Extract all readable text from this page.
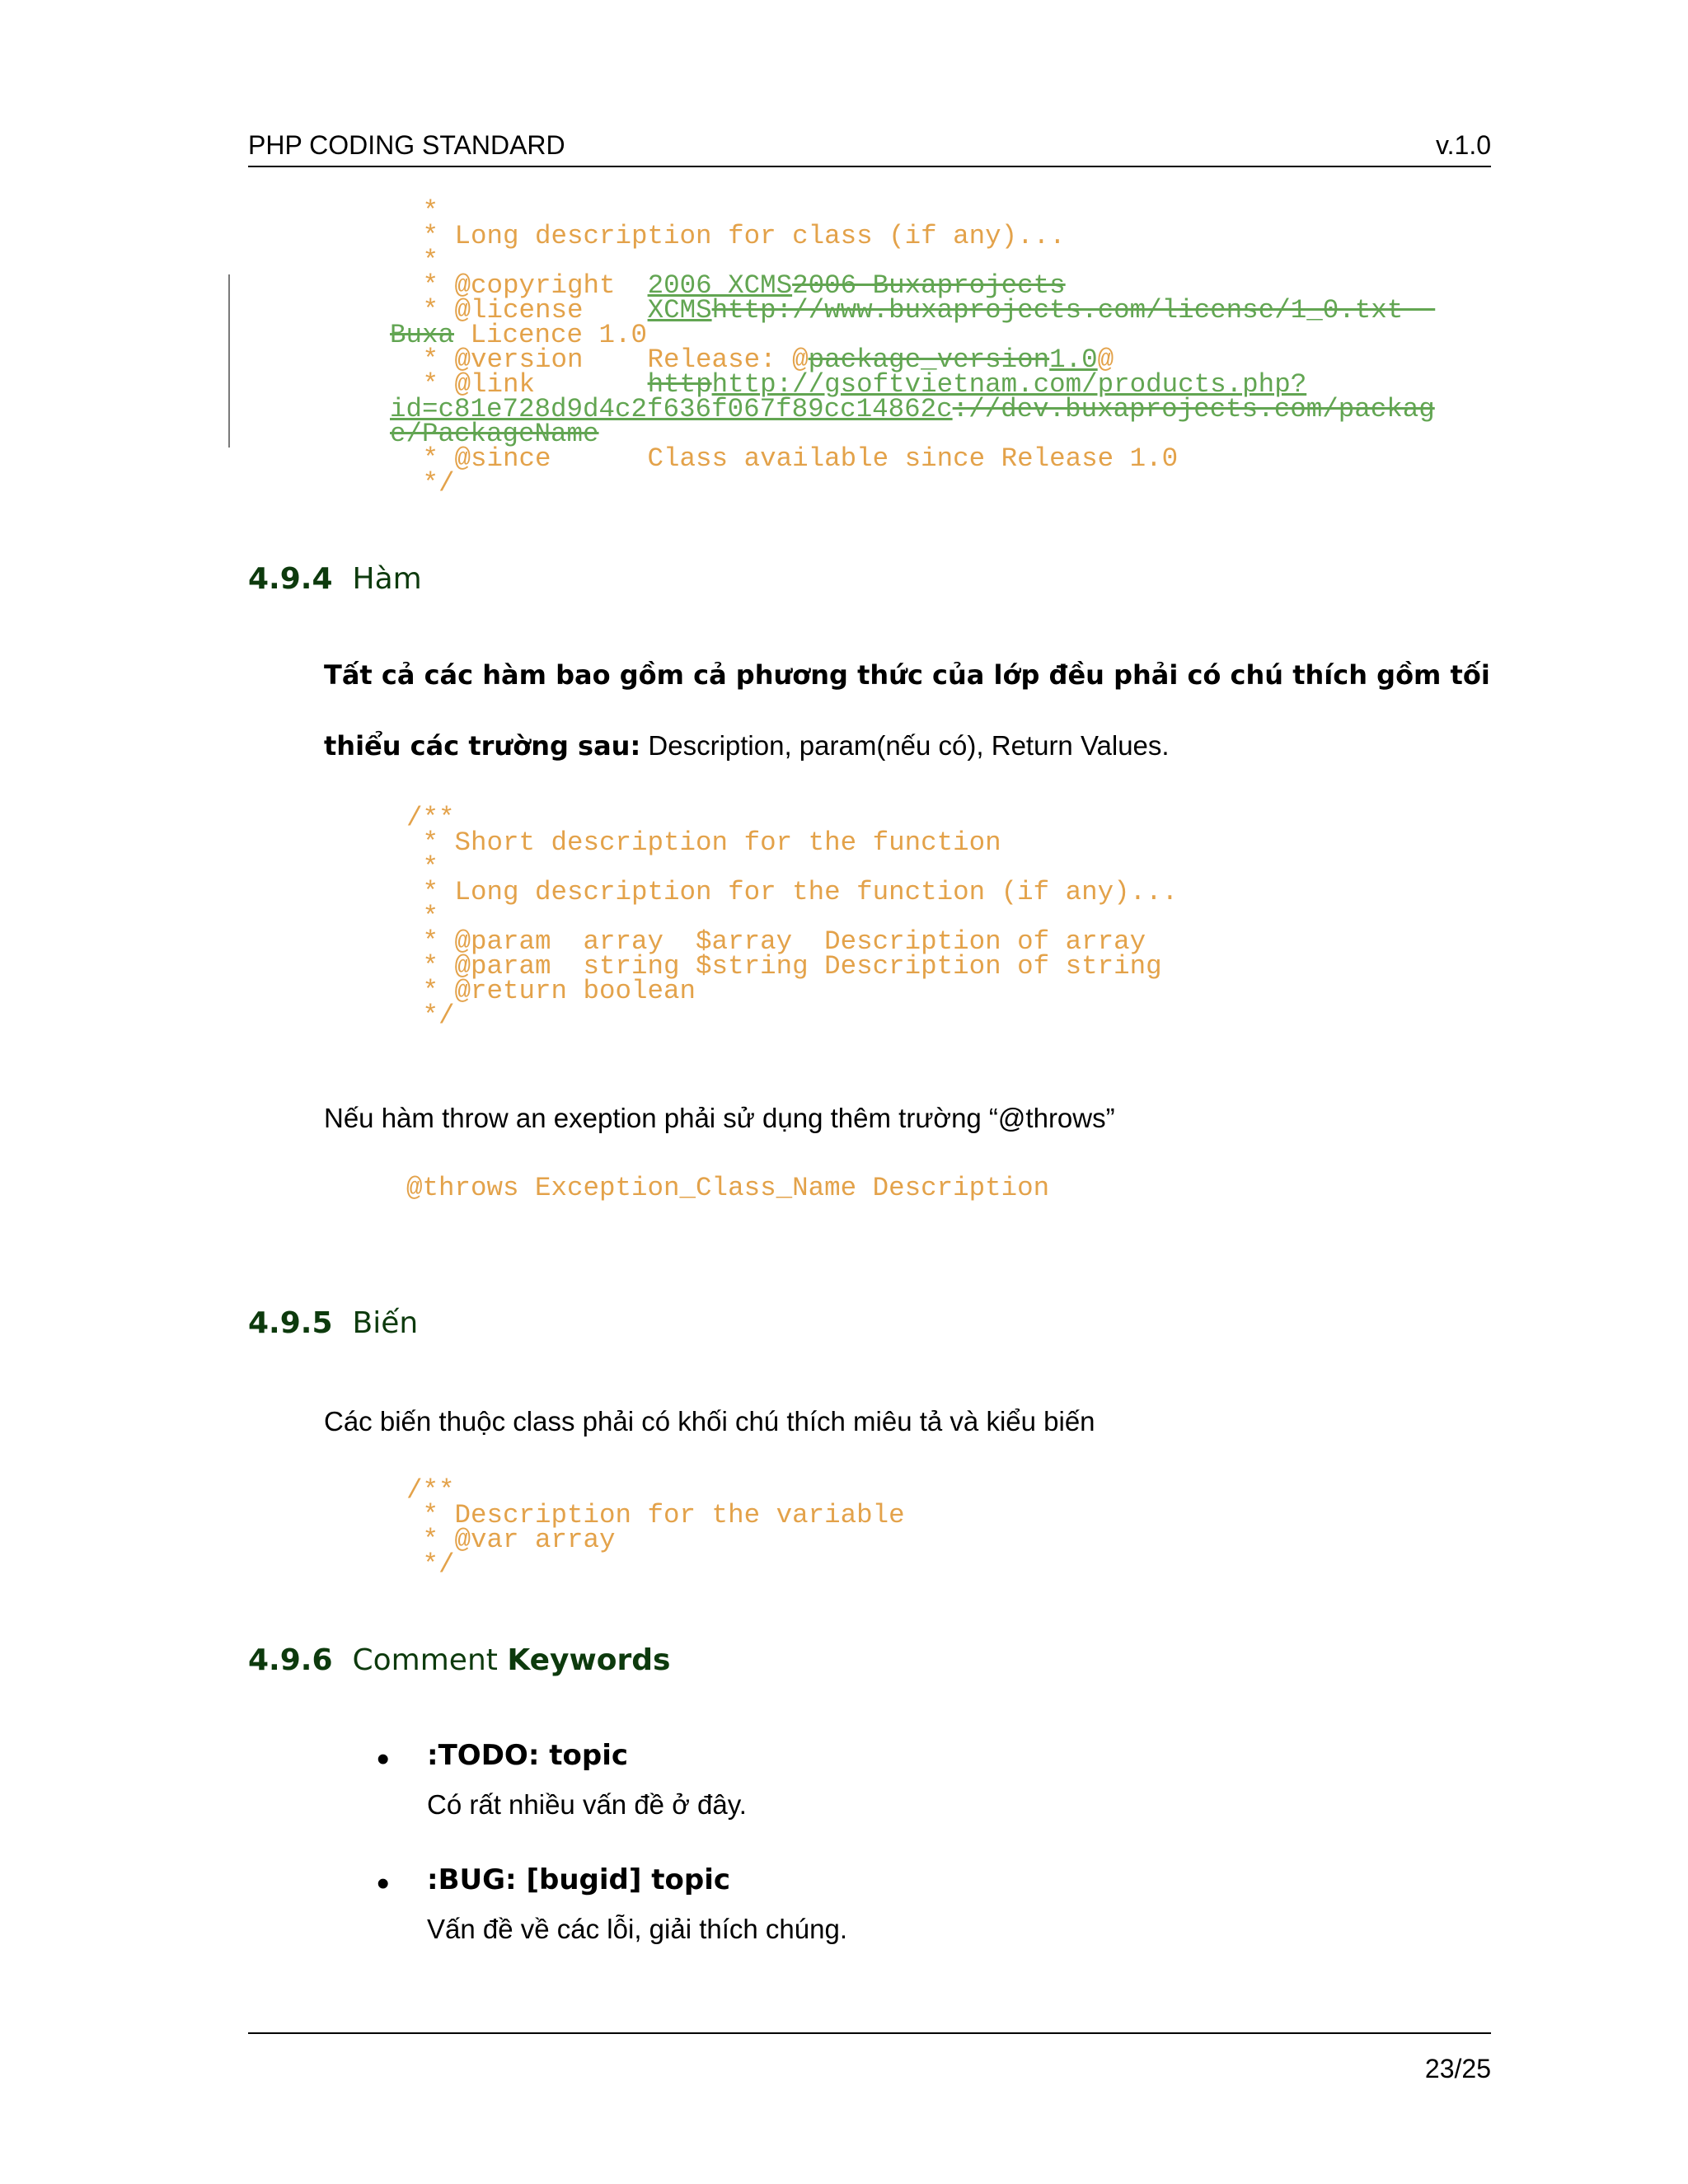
PHP CODING STANDARD	v.1.0
*
* Long description for class (if any)...
*
* @copyright  2006 XCMS2006 Buxaprojects
* @license    XCMShttp://www.buxaprojects.com/license/1_0.txt
Buxa Licence 1.0
* @version    Release: @package_version1.0@
* @link       httphttp://gsoftvietnam.com/products.php?
id=c81e728d9d4c2f636f067f89cc14862c://dev.buxaprojects.com/packag
e/PackageName
* @since      Class available since Release 1.0
*/
4.9.4 Hàm
Tất cả các hàm bao gồm cả phương thức của lớp đều phải có chú thích gồm tối
thiểu các trường sau: Description, param(nếu có), Return Values.
/**
* Short description for the function
*
* Long description for the function (if any)...
*
* @param  array  $array  Description of array
* @param  string $string Description of string
* @return boolean
*/
Nếu hàm throw an exeption phải sử dụng thêm trường “@throws”
@throws Exception_Class_Name Description
4.9.5 Biến
Các biến thuộc class phải có khối chú thích miêu tả và kiểu biến
/**
* Description for the variable
* @var array
*/
4.9.6 Comment Keywords
• :TODO: topic
Có rất nhiều vấn đề ở đây.
• :BUG: [bugid] topic
Vấn đề về các lỗi, giải thích chúng.
23/25
